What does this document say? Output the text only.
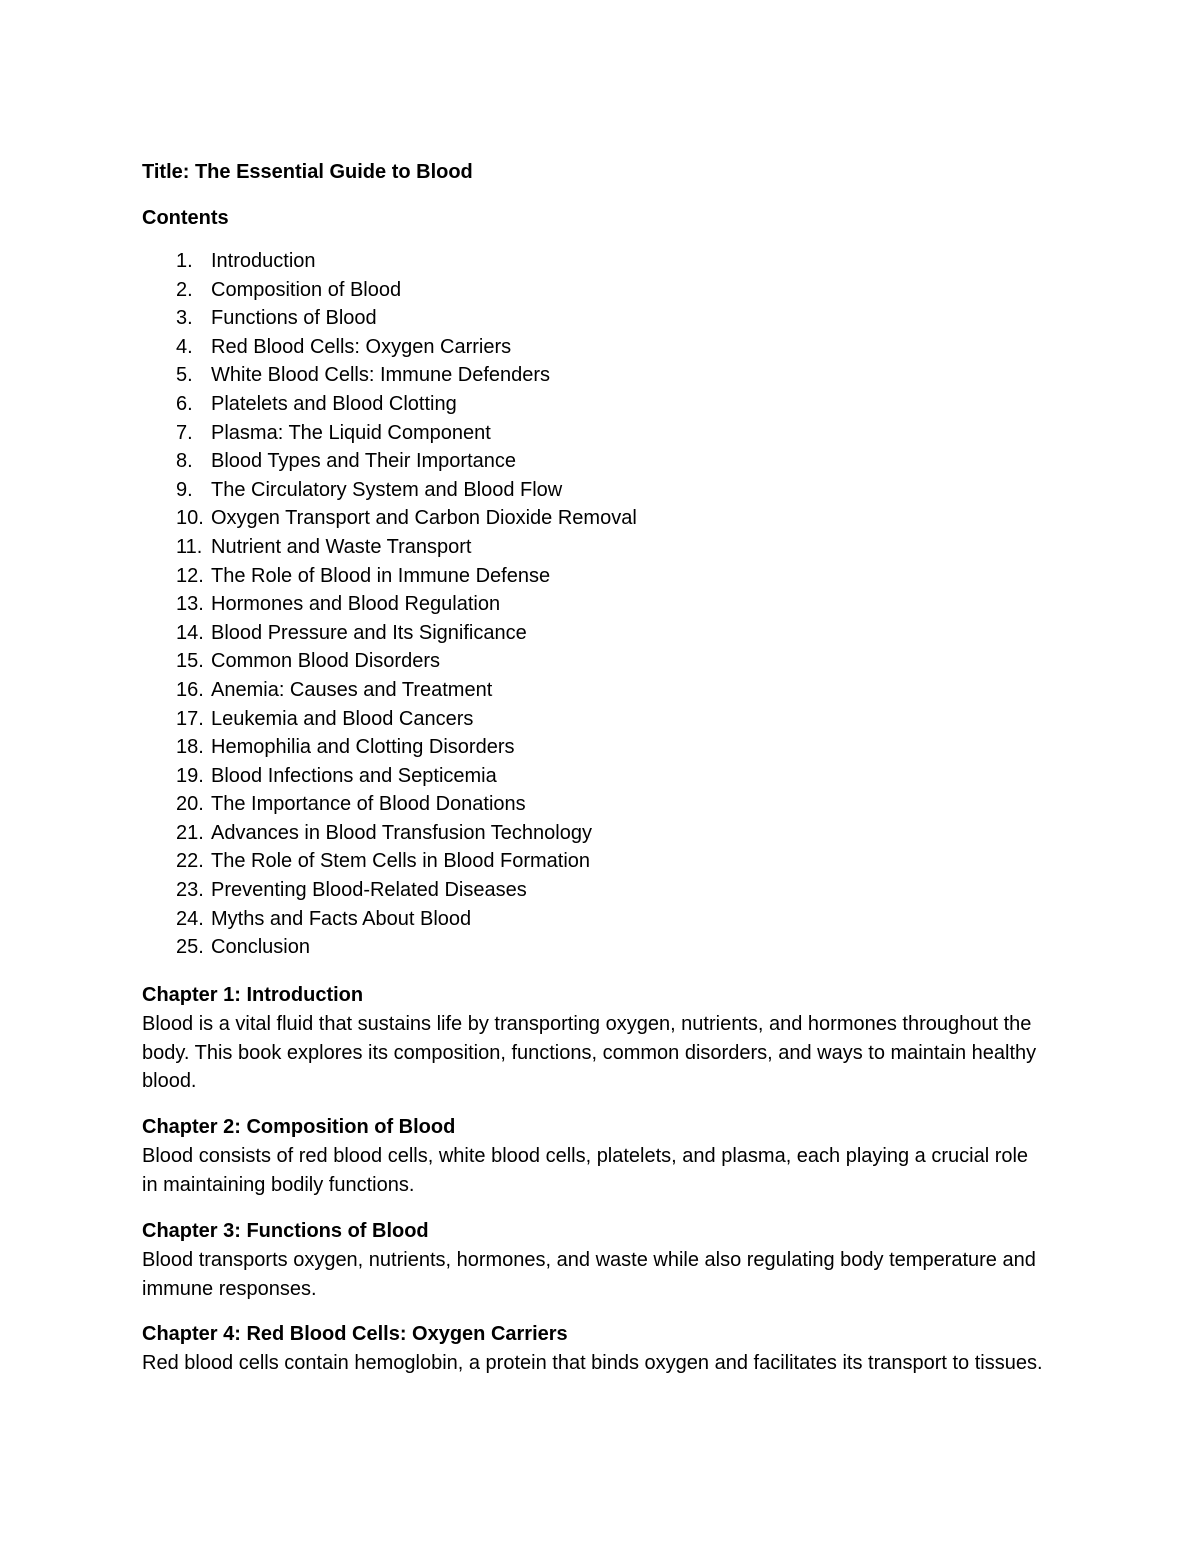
Title: The Essential Guide to Blood
Contents
1. Introduction
2. Composition of Blood
3. Functions of Blood
4. Red Blood Cells: Oxygen Carriers
5. White Blood Cells: Immune Defenders
6. Platelets and Blood Clotting
7. Plasma: The Liquid Component
8. Blood Types and Their Importance
9. The Circulatory System and Blood Flow
10. Oxygen Transport and Carbon Dioxide Removal
11. Nutrient and Waste Transport
12. The Role of Blood in Immune Defense
13. Hormones and Blood Regulation
14. Blood Pressure and Its Significance
15. Common Blood Disorders
16. Anemia: Causes and Treatment
17. Leukemia and Blood Cancers
18. Hemophilia and Clotting Disorders
19. Blood Infections and Septicemia
20. The Importance of Blood Donations
21. Advances in Blood Transfusion Technology
22. The Role of Stem Cells in Blood Formation
23. Preventing Blood-Related Diseases
24. Myths and Facts About Blood
25. Conclusion
Chapter 1: Introduction

Blood is a vital fluid that sustains life by transporting oxygen, nutrients, and hormones throughout the body. This book explores its composition, functions, common disorders, and ways to maintain healthy blood.

Chapter 2: Composition of Blood

Blood consists of red blood cells, white blood cells, platelets, and plasma, each playing a crucial role in maintaining bodily functions.

Chapter 3: Functions of Blood

Blood transports oxygen, nutrients, hormones, and waste while also regulating body temperature and immune responses.

Chapter 4: Red Blood Cells: Oxygen Carriers

Red blood cells contain hemoglobin, a protein that binds oxygen and facilitates its transport to tissues.
